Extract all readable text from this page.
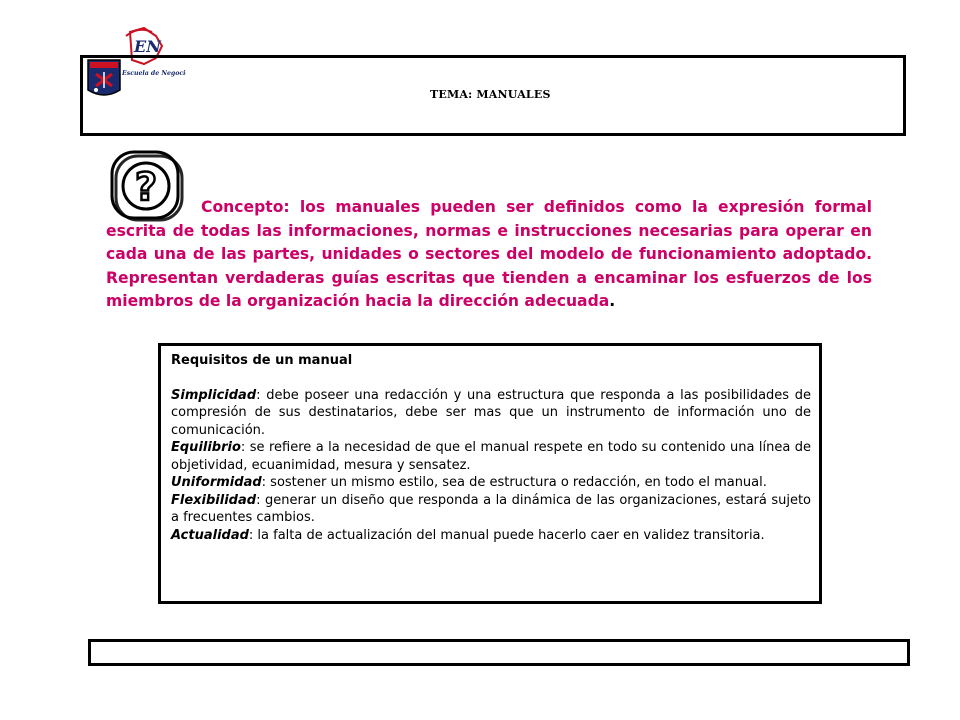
EN
Escuela de Negocios
TEMA: MANUALES
?	Concepto: los manuales pueden ser definidos como la expresión formal escrita de todas las informaciones, normas e instrucciones necesarias para operar en cada una de las partes, unidades o sectores del modelo de funcionamiento adoptado. Representan verdaderas guías escritas que tienden a encaminar los esfuerzos de los miembros de la organización hacia la dirección adecuada.

Requisitos de un manual

Simplicidad: debe poseer una redacción y una estructura que responda a las posibilidades de compresión de sus destinatarios, debe ser mas que un instrumento de información uno de comunicación.

Equilibrio: se refiere a la necesidad de que el manual respete en todo su contenido una línea de objetividad, ecuanimidad, mesura y sensatez.

Uniformidad: sostener un mismo estilo, sea de estructura o redacción, en todo el manual.

Flexibilidad: generar un diseño que responda a la dinámica de las organizaciones, estará sujeto a frecuentes cambios.

Actualidad: la falta de actualización del manual puede hacerlo caer en validez transitoria.
